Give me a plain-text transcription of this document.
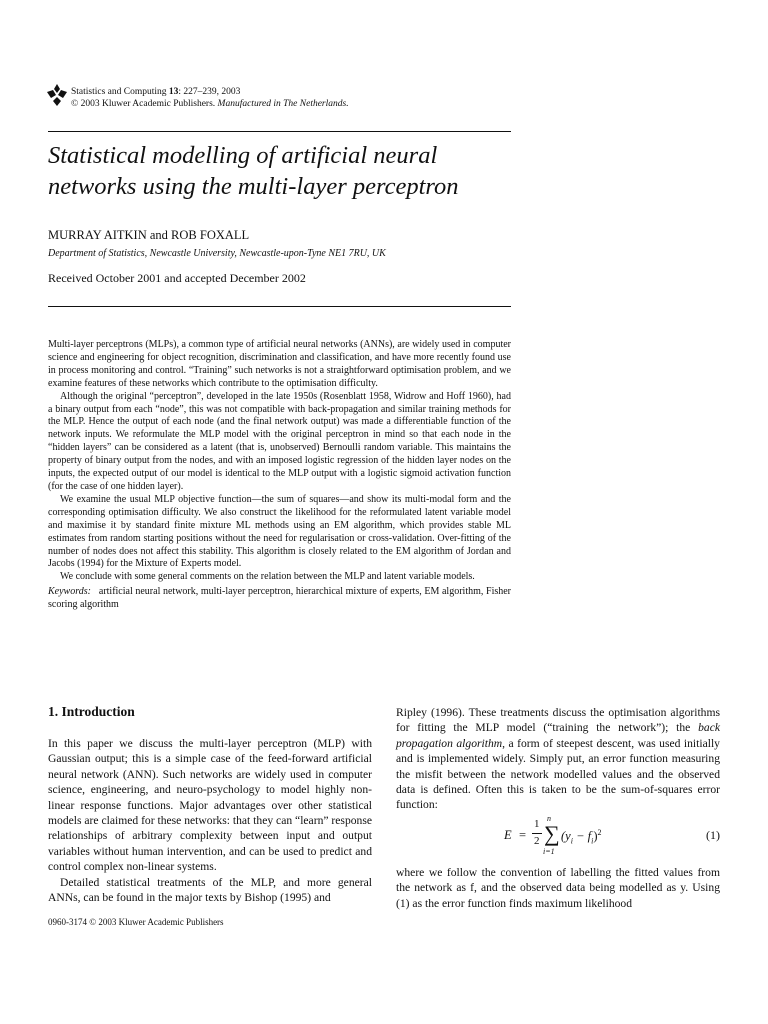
Statistics and Computing 13: 227–239, 2003
© 2003 Kluwer Academic Publishers. Manufactured in The Netherlands.
Statistical modelling of artificial neural
networks using the multi-layer perceptron
MURRAY AITKIN and ROB FOXALL
Department of Statistics, Newcastle University, Newcastle-upon-Tyne NE1 7RU, UK
Received October 2001 and accepted December 2002

Multi-layer perceptrons (MLPs), a common type of artificial neural networks (ANNs), are widely used in computer science and engineering for object recognition, discrimination and classification, and have more recently found use in process monitoring and control. “Training” such networks is not a straightforward optimisation problem, and we examine features of these networks which contribute to the optimisation difficulty.

Although the original “perceptron”, developed in the late 1950s (Rosenblatt 1958, Widrow and Hoff 1960), had a binary output from each “node”, this was not compatible with back-propagation and similar training methods for the MLP. Hence the output of each node (and the final network output) was made a differentiable function of the network inputs. We reformulate the MLP model with the original perceptron in mind so that each node in the “hidden layers” can be considered as a latent (that is, unobserved) Bernoulli random variable. This maintains the property of binary output from the nodes, and with an imposed logistic regression of the hidden layer nodes on the inputs, the expected output of our model is identical to the MLP output with a logistic sigmoid activation function (for the case of one hidden layer).

We examine the usual MLP objective function—the sum of squares—and show its multi-modal form and the corresponding optimisation difficulty. We also construct the likelihood for the reformulated latent variable model and maximise it by standard finite mixture ML methods using an EM algorithm, which provides stable ML estimates from random starting positions without the need for regularisation or cross-validation. Over-fitting of the number of nodes does not affect this stability. This algorithm is closely related to the EM algorithm of Jordan and Jacobs (1994) for the Mixture of Experts model.

We conclude with some general comments on the relation between the MLP and latent variable models.

Keywords: artificial neural network, multi-layer perceptron, hierarchical mixture of experts, EM algorithm, Fisher scoring algorithm

1. Introduction

In this paper we discuss the multi-layer perceptron (MLP) with Gaussian output; this is a simple case of the feed-forward artificial neural network (ANN). Such networks are widely used in computer science, engineering, and neuro-psychology to model highly non-linear response functions. Major advantages over other statistical models are claimed for these networks: that they can “learn” response relationships of arbitrary complexity between input and output variables without human intervention, and can be used to predict and control complex non-linear systems.

Detailed statistical treatments of the MLP, and more general ANNs, can be found in the major texts by Bishop (1995) and

Ripley (1996). These treatments discuss the optimisation algorithms for fitting the MLP model (“training the network”); the back propagation algorithm, a form of steepest descent, was used initially and is implemented widely. Simply put, an error function measuring the misfit between the network modelled values and the observed data is defined. Often this is taken to be the sum-of-squares error function:

E =
1
2
n
∑
i=1
$(y_i - f_i)^2$	(1)

where we follow the convention of labelling the fitted values from the network as f, and the observed data being modelled as y. Using (1) as the error function finds maximum likelihood

0960-3174 © 2003 Kluwer Academic Publishers
